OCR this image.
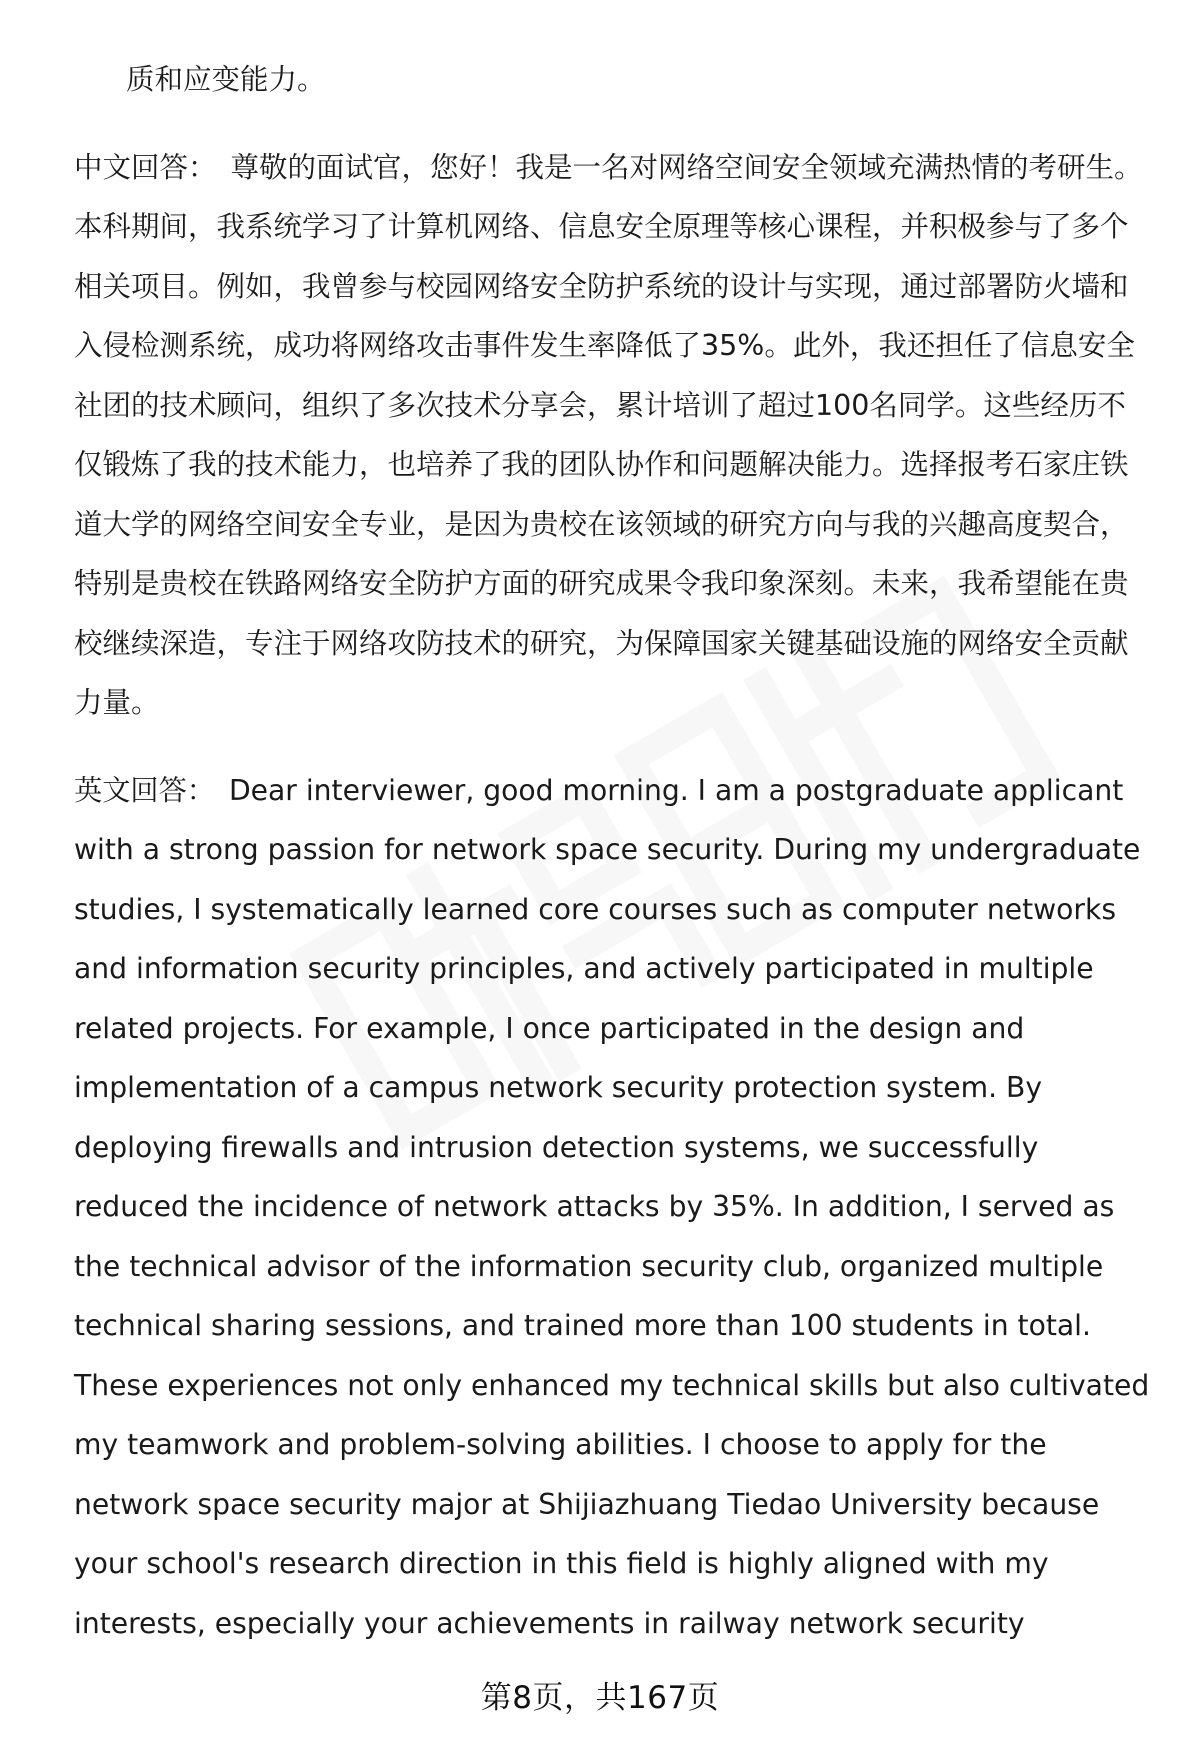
质和应变能力。

中文回答： 尊敬的面试官，您好！我是一名对网络空间安全领域充满热情的考研生。本科期间，我系统学习了计算机网络、信息安全原理等核心课程，并积极参与了多个相关项目。例如，我曾参与校园网络安全防护系统的设计与实现，通过部署防火墙和入侵检测系统，成功将网络攻击事件发生率降低了35%。此外，我还担任了信息安全社团的技术顾问，组织了多次技术分享会，累计培训了超过100名同学。这些经历不仅锻炼了我的技术能力，也培养了我的团队协作和问题解决能力。选择报考石家庄铁道大学的网络空间安全专业，是因为贵校在该领域的研究方向与我的兴趣高度契合，特别是贵校在铁路网络安全防护方面的研究成果令我印象深刻。未来，我希望能在贵校继续深造，专注于网络攻防技术的研究，为保障国家关键基础设施的网络安全贡献力量。

英文回答： Dear interviewer, good morning. I am a postgraduate applicant with a strong passion for network space security. During my undergraduate studies, I systematically learned core courses such as computer networks and information security principles, and actively participated in multiple related projects. For example, I once participated in the design and implementation of a campus network security protection system. By deploying firewalls and intrusion detection systems, we successfully reduced the incidence of network attacks by 35%. In addition, I served as the technical advisor of the information security club, organized multiple technical sharing sessions, and trained more than 100 students in total. These experiences not only enhanced my technical skills but also cultivated my teamwork and problem-solving abilities. I choose to apply for the network space security major at Shijiazhuang Tiedao University because your school's research direction in this field is highly aligned with my interests, especially your achievements in railway network security

第8页，共167页
